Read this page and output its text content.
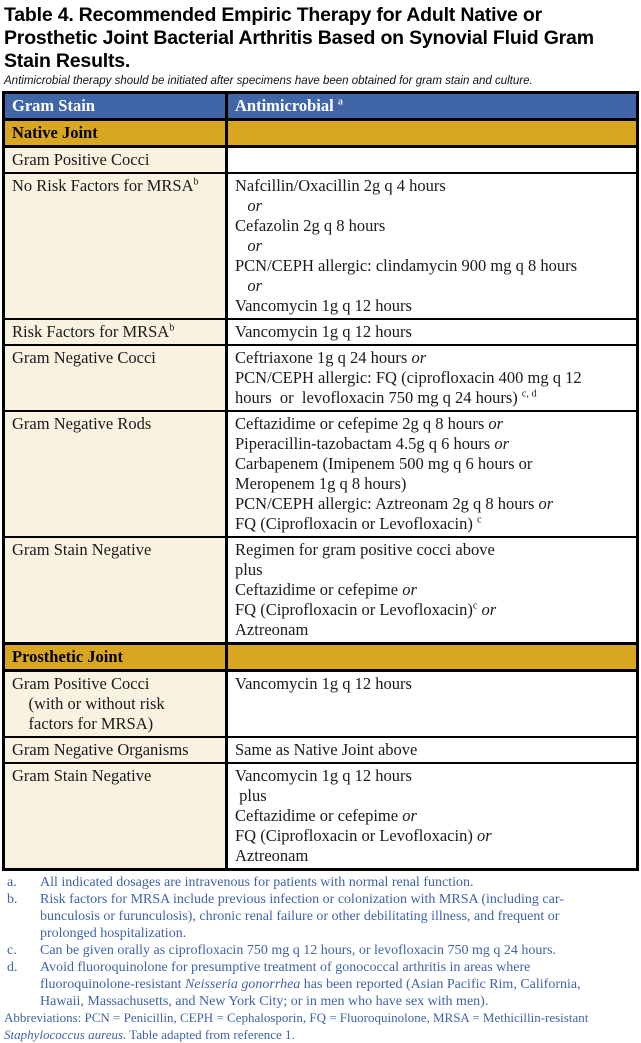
Table 4. Recommended Empiric Therapy for Adult Native or Prosthetic Joint Bacterial Arthritis Based on Synovial Fluid Gram Stain Results.
Antimicrobial therapy should be initiated after specimens have been obtained for gram stain and culture.
Gram Stain	Antimicrobial $^a$
Native Joint	
Gram Positive Cocci	
No Risk Factors for MRSA$^b$	Nafcillin/Oxacillin 2g q 4 hours
or
Cefazolin 2g q 8 hours
or
PCN/CEPH allergic: clindamycin 900 mg q 8 hours
or
Vancomycin 1g q 12 hours

Risk Factors for MRSA$^b$	Vancomycin 1g q 12 hours

Gram Negative Cocci	Ceftriaxone 1g q 24 hours or
PCN/CEPH allergic: FQ (ciprofloxacin 400 mg q 12
hours  or  levofloxacin 750 mg q 24 hours) $^{c, d}$

Gram Negative Rods	Ceftazidime or cefepime 2g q 8 hours or
Piperacillin-tazobactam 4.5g q 6 hours or
Carbapenem (Imipenem 500 mg q 6 hours or
Meropenem 1g q 8 hours)
PCN/CEPH allergic: Aztreonam 2g q 8 hours or
FQ (Ciprofloxacin or Levofloxacin) $^c$

Gram Stain Negative	Regimen for gram positive cocci above
plus
Ceftazidime or cefepime or
FQ (Ciprofloxacin or Levofloxacin)$^c$ or
Aztreonam

Prosthetic Joint	
Gram Positive Cocci
(with or without risk
factors for MRSA)	Vancomycin 1g q 12 hours

Gram Negative Organisms	Same as Native Joint above

Gram Stain Negative	Vancomycin 1g q 12 hours
plus
Ceftazidime or cefepime or
FQ (Ciprofloxacin or Levofloxacin) or
Aztreonam
a.	All indicated dosages are intravenous for patients with normal renal function.
b.	Risk factors for MRSA include previous infection or colonization with MRSA (including car-
bunculosis or furunculosis), chronic renal failure or other debilitating illness, and frequent or
prolonged hospitalization.
c.	Can be given orally as ciprofloxacin 750 mg q 12 hours, or levofloxacin 750 mg q 24 hours.
d.	Avoid fluoroquinolone for presumptive treatment of gonococcal arthritis in areas where
fluoroquinolone-resistant Neisseria gonorrhea has been reported (Asian Pacific Rim, California,
Hawaii, Massachusetts, and New York City; or in men who have sex with men).
Abbreviations: PCN = Penicillin, CEPH = Cephalosporin, FQ = Fluoroquinolone, MRSA = Methicillin-resistant
Staphylococcus aureus. Table adapted from reference 1.
